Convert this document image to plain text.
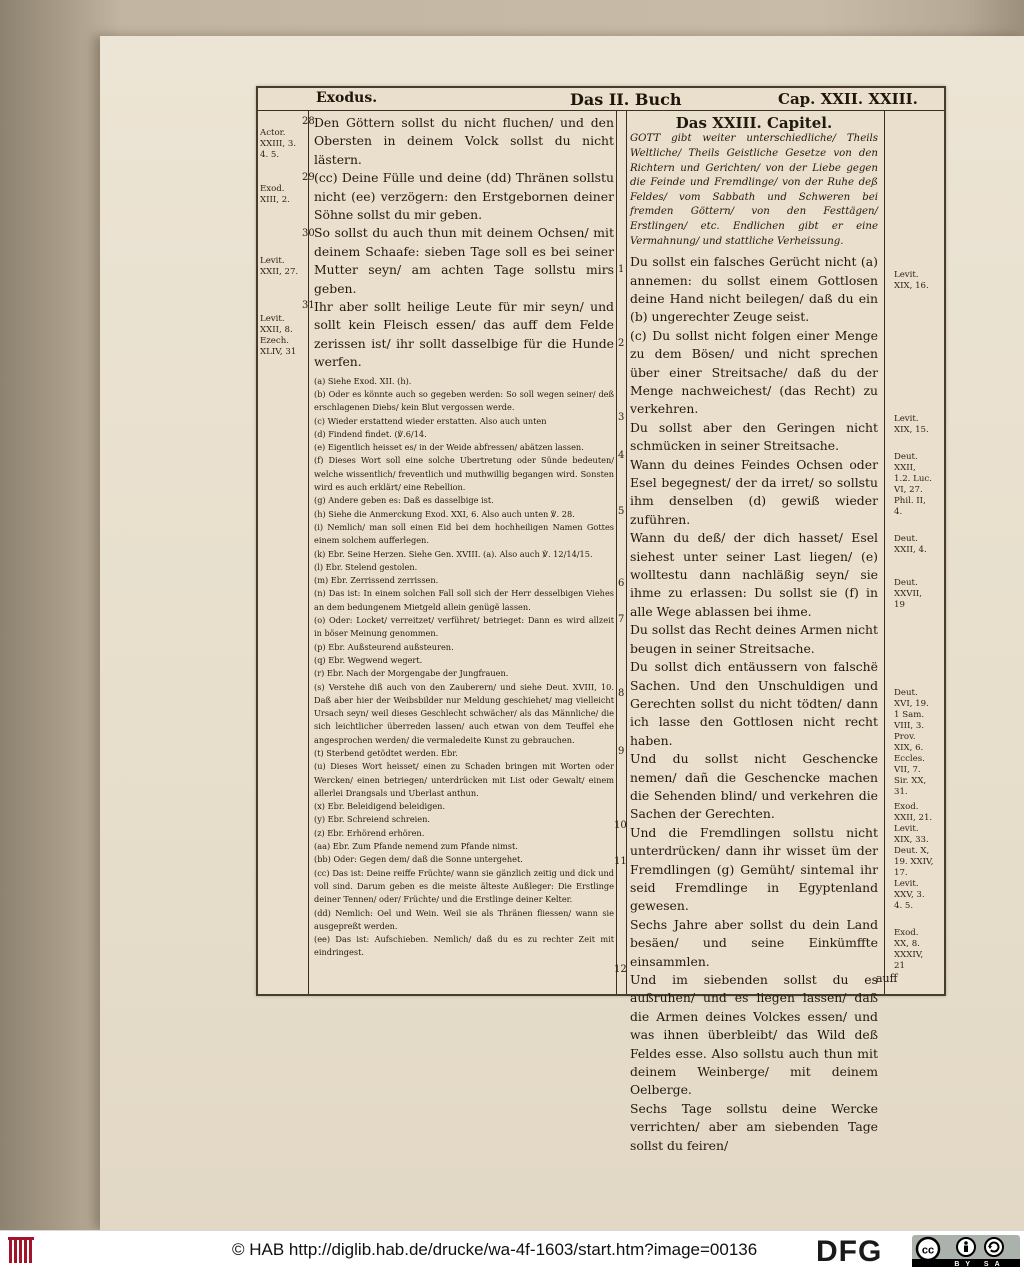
Exodus.	Das II. Buch	Cap. XXII. XXIII.
Actor. XXIII, 3. 4. 5.
Exod. XIII, 2.
Levit. XXII, 27.
Levit. XXII, 8. Ezech. XLIV, 31
28
29
30
31

Den Göttern sollst du nicht fluchen/ und den Obersten in deinem Volck sollst du nicht lästern.

(cc) Deine Fülle und deine (dd) Thränen sollstu nicht (ee) verzögern: den Erstgebornen deiner Söhne sollst du mir geben.

So sollst du auch thun mit deinem Ochsen/ mit deinem Schaafe: sieben Tage soll es bei seiner Mutter seyn/ am achten Tage sollstu mirs geben.

Ihr aber sollt heilige Leute für mir seyn/ und sollt kein Fleisch essen/ das auff dem Felde zerissen ist/ ihr sollt dasselbige für die Hunde werfen.

(a) Siehe Exod. XII. (h).

(b) Oder es könnte auch so gegeben werden: So soll wegen seiner/ deß erschlagenen Diebs/ kein Blut vergossen werde.

(c) Wieder erstattend wieder erstatten. Also auch unten

(d) Findend findet. (℣.6/14.

(e) Eigentlich heisset es/ in der Weide abfressen/ abätzen lassen.

(f) Dieses Wort soll eine solche Ubertretung oder Sünde bedeuten/ welche wissentlich/ freventlich und muthwillig begangen wird. Sonsten wird es auch erklärt/ eine Rebellion.

(g) Andere geben es: Daß es dasselbige ist.

(h) Siehe die Anmerckung Exod. XXI, 6. Also auch unten ℣. 28.

(i) Nemlich/ man soll einen Eid bei dem hochheiligen Namen Gottes einem solchem aufferlegen.

(k) Ebr. Seine Herzen. Siehe Gen. XVIII. (a). Also auch ℣. 12/14/15.

(l) Ebr. Stelend gestolen.

(m) Ebr. Zerrissend zerrissen.

(n) Das ist: In einem solchen Fall soll sich der Herr desselbigen Viehes an dem bedungenem Mietgeld allein genügë lassen.

(o) Oder: Locket/ verreitzet/ verführet/ betrieget: Dann es wird allzeit in böser Meinung genommen.

(p) Ebr. Außsteurend außsteuren.

(q) Ebr. Wegwend wegert.

(r) Ebr. Nach der Morgengabe der Jungfrauen.

(s) Verstehe diß auch von den Zauberern/ und siehe Deut. XVIII, 10. Daß aber hier der Weibsbilder nur Meldung geschiehet/ mag vielleicht Ursach seyn/ weil dieses Geschlecht schwächer/ als das Männliche/ die sich leichtlicher überreden lassen/ auch etwan von dem Teuffel ehe angesprochen werden/ die vermaledeite Kunst zu gebrauchen.

(t) Sterbend getödtet werden. Ebr.

(u) Dieses Wort heisset/ einen zu Schaden bringen mit Worten oder Wercken/ einen betriegen/ unterdrücken mit List oder Gewalt/ einem allerlei Drangsals und Uberlast anthun.

(x) Ebr. Beleidigend beleidigen.

(y) Ebr. Schreiend schreien.

(z) Ebr. Erhörend erhören.

(aa) Ebr. Zum Pfande nemend zum Pfande nimst.

(bb) Oder: Gegen dem/ daß die Sonne untergehet.

(cc) Das ist: Deine reiffe Früchte/ wann sie gänzlich zeitig und dick und voll sind. Darum geben es die meiste älteste Außleger: Die Erstlinge deiner Tennen/ oder/ Früchte/ und die Erstlinge deiner Kelter.

(dd) Nemlich: Oel und Wein. Weil sie als Thränen fliessen/ wann sie ausgepreßt werden.

(ee) Das ist: Aufschieben. Nemlich/ daß du es zu rechter Zeit mit eindringest.

1
2
3
4
5
6
7
8
9
10
11
12

Das XXIII. Capitel.

GOTT gibt weiter unterschiedliche/ Theils Weltliche/ Theils Geistliche Gesetze von den Richtern und Gerichten/ von der Liebe gegen die Feinde und Fremdlinge/ von der Ruhe deß Feldes/ vom Sabbath und Schweren bei fremden Göttern/ von den Festtägen/ Erstlingen/ etc. Endlichen gibt er eine Vermahnung/ und stattliche Verheissung.

Du sollst ein falsches Gerücht nicht (a) annemen: du sollst einem Gottlosen deine Hand nicht beilegen/ daß du ein (b) ungerechter Zeuge seist.

(c) Du sollst nicht folgen einer Menge zu dem Bösen/ und nicht sprechen über einer Streitsache/ daß du der Menge nachweichest/ (das Recht) zu verkehren.

Du sollst aber den Geringen nicht schmücken in seiner Streitsache.

Wann du deines Feindes Ochsen oder Esel begegnest/ der da irret/ so sollstu ihm denselben (d) gewiß wieder zuführen.

Wann du deß/ der dich hasset/ Esel siehest unter seiner Last liegen/ (e) wolltestu dann nachläßig seyn/ sie ihme zu erlassen: Du sollst sie (f) in alle Wege ablassen bei ihme.

Du sollst das Recht deines Armen nicht beugen in seiner Streitsache.

Du sollst dich entäussern von falschë Sachen. Und den Unschuldigen und Gerechten sollst du nicht tödten/ dann ich lasse den Gottlosen nicht recht haben.

Und du sollst nicht Geschencke nemen/ dañ die Geschencke machen die Sehenden blind/ und verkehren die Sachen der Gerechten.

Und die Fremdlingen sollstu nicht unterdrücken/ dann ihr wisset üm der Fremdlingen (g) Gemüht/ sintemal ihr seid Fremdlinge in Egyptenland gewesen.

Sechs Jahre aber sollst du dein Land besäen/ und seine Einkümffte einsammlen.

Und im siebenden sollst du es außruhen/ und es liegen lassen/ daß die Armen deines Volckes essen/ und was ihnen überbleibt/ das Wild deß Feldes esse. Also sollstu auch thun mit deinem Weinberge/ mit deinem Oelberge.

Sechs Tage sollstu deine Wercke verrichten/ aber am siebenden Tage sollst du feiren/

Levit. XIX, 16.
Levit. XIX, 15.
Deut. XXII, 1.2. Luc. VI, 27. Phil. II, 4.
Deut. XXII, 4.
Deut. XXVII, 19
Deut. XVI, 19. 1 Sam. VIII, 3. Prov. XIX, 6. Eccles. VII, 7. Sir. XX, 31.
Exod. XXII, 21. Levit. XIX, 33. Deut. X, 19. XXIV, 17. Levit. XXV, 3. 4. 5.
Exod. XX, 8. XXXIV, 21
auff
© HAB http://diglib.hab.de/drucke/wa-4f-1603/start.htm?image=00136 DFG	cc
BY SA
